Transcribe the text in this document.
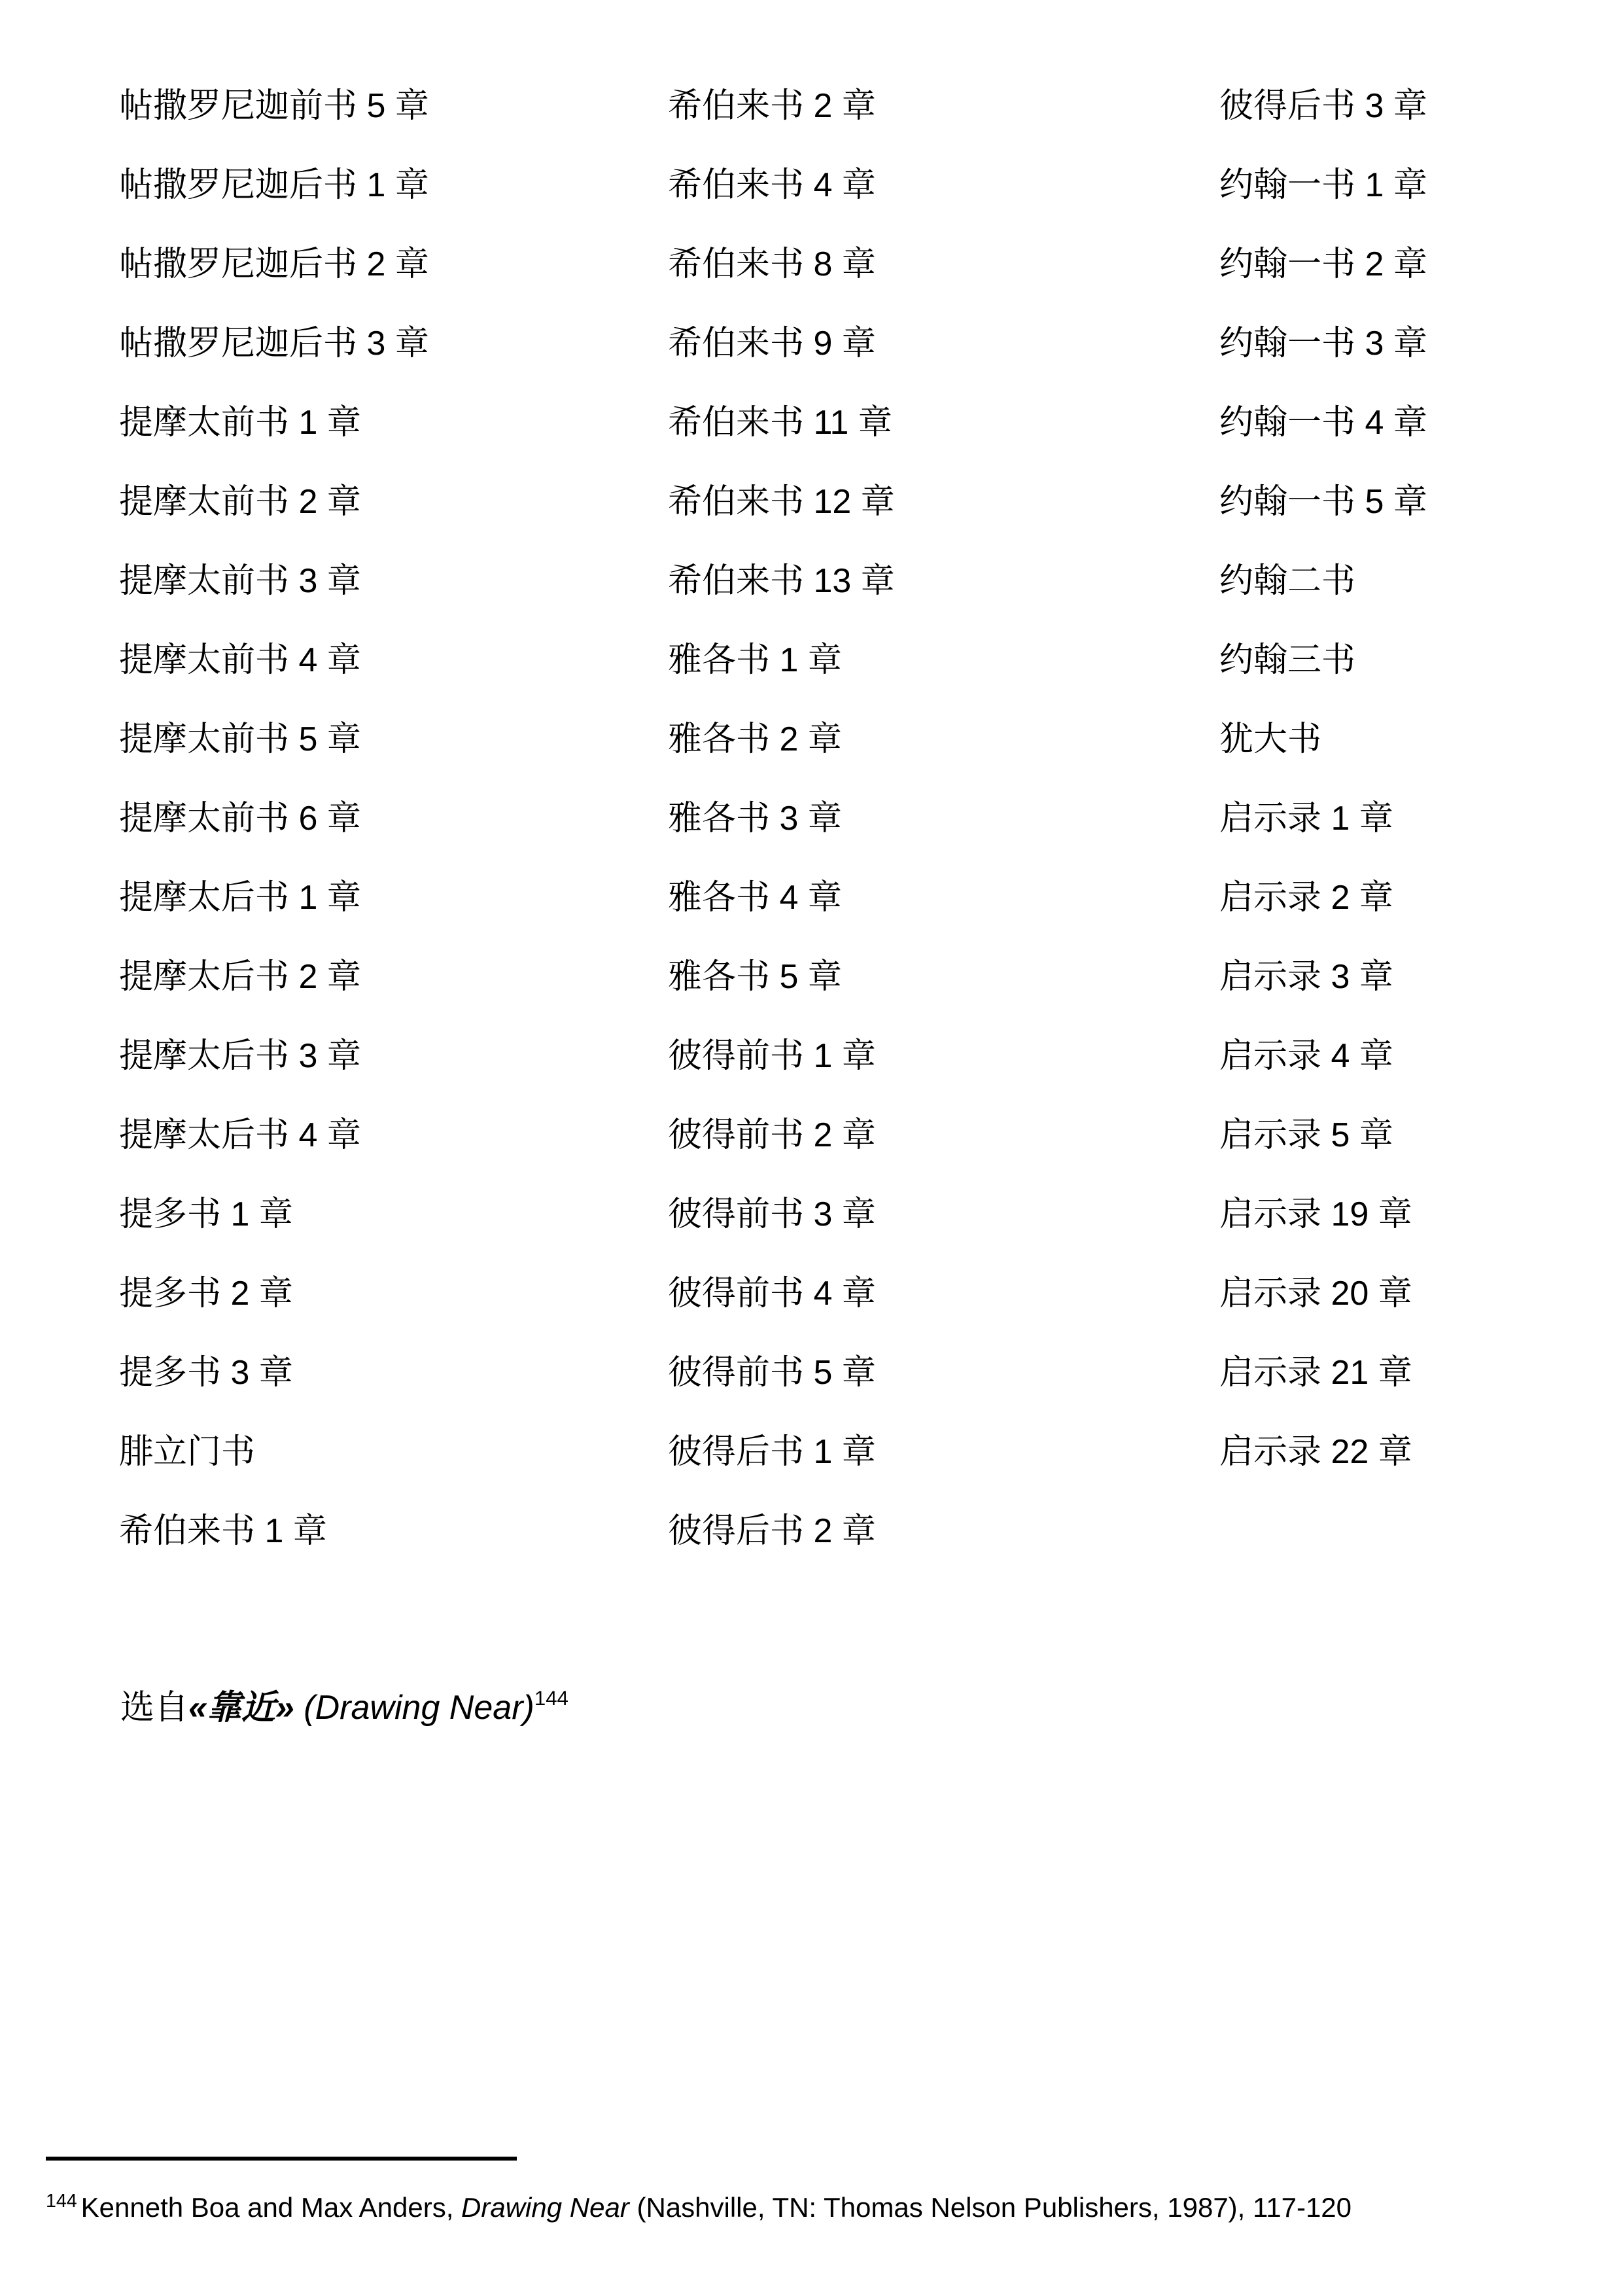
帖撒罗尼迦前书 5 章
帖撒罗尼迦后书 1 章
帖撒罗尼迦后书 2 章
帖撒罗尼迦后书 3 章
提摩太前书 1 章
提摩太前书 2 章
提摩太前书 3 章
提摩太前书 4 章
提摩太前书 5 章
提摩太前书 6 章
提摩太后书 1 章
提摩太后书 2 章
提摩太后书 3 章
提摩太后书 4 章
提多书 1 章
提多书 2 章
提多书 3 章
腓立门书
希伯来书 1 章
希伯来书 2 章
希伯来书 4 章
希伯来书 8 章
希伯来书 9 章
希伯来书 11 章
希伯来书 12 章
希伯来书 13 章
雅各书 1 章
雅各书 2 章
雅各书 3 章
雅各书 4 章
雅各书 5 章
彼得前书 1 章
彼得前书 2 章
彼得前书 3 章
彼得前书 4 章
彼得前书 5 章
彼得后书 1 章
彼得后书 2 章
彼得后书 3 章
约翰一书 1 章
约翰一书 2 章
约翰一书 3 章
约翰一书 4 章
约翰一书 5 章
约翰二书
约翰三书
犹大书
启示录 1 章
启示录 2 章
启示录 3 章
启示录 4 章
启示录 5 章
启示录 19 章
启示录 20 章
启示录 21 章
启示录 22 章

选自«靠近» (Drawing Near)$^{144}$

$^{144}$ Kenneth Boa and Max Anders, Drawing Near (Nashville, TN: Thomas Nelson Publishers, 1987), 117-120
